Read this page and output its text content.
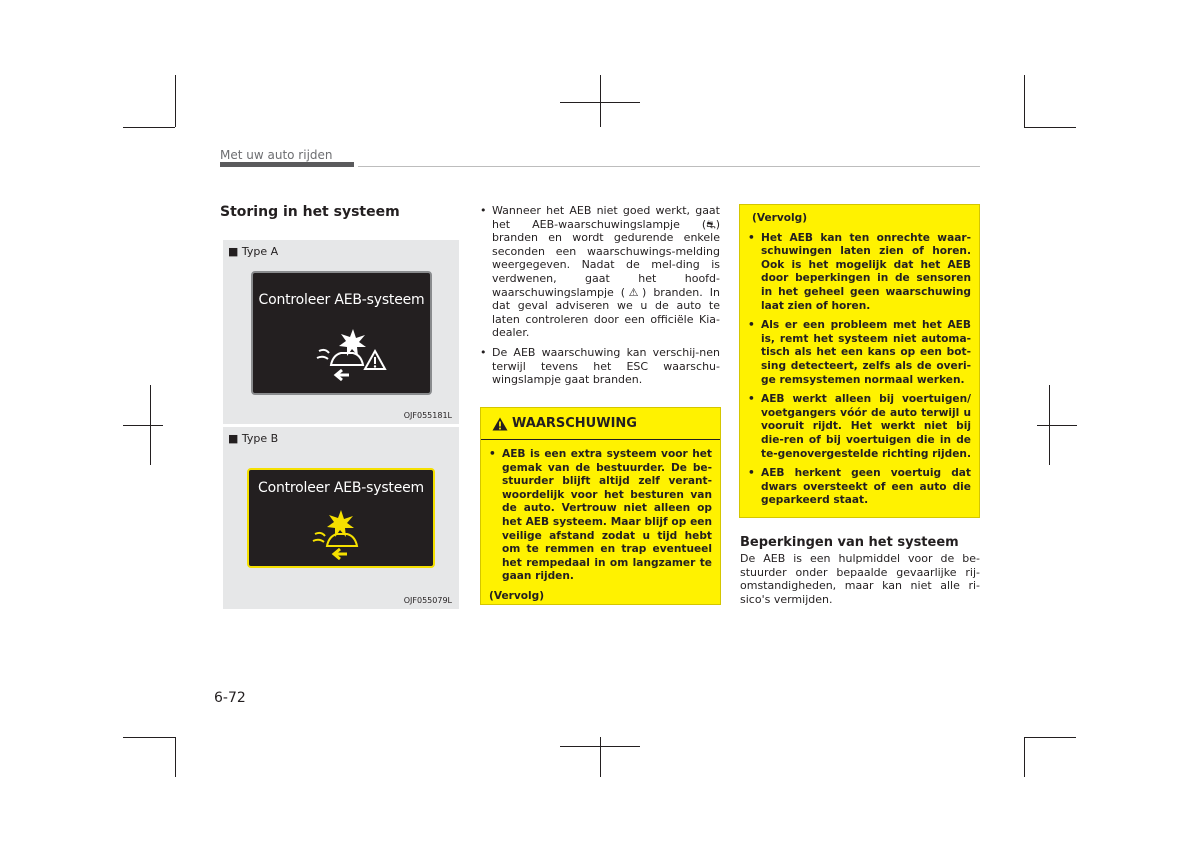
Met uw auto rijden
Storing in het systeem
■ Type A
Controleer AEB-systeem
OJF055181L
■ Type B
Controleer AEB-systeem
OJF055079L
• Wanneer het AEB niet goed werkt, gaat het AEB-waarschuwingslampje (⛐) branden en wordt gedurende enkele seconden een waarschuwings-melding weergegeven. Nadat de mel-ding is verdwenen, gaat het hoofd-waarschuwingslampje (⚠) branden. In dat geval adviseren we u de auto te laten controleren door een officiële Kia-dealer.
• De AEB waarschuwing kan verschij-nen terwijl tevens het ESC waarschu-wingslampje gaat branden.
WAARSCHUWING
• AEB is een extra systeem voor het gemak van de bestuurder. De be-stuurder blijft altijd zelf verant-woordelijk voor het besturen van de auto. Vertrouw niet alleen op het AEB systeem. Maar blijf op een veilige afstand zodat u tijd hebt om te remmen en trap eventueel het rempedaal in om langzamer te gaan rijden.
(Vervolg)
(Vervolg)
• Het AEB kan ten onrechte waar-schuwingen laten zien of horen. Ook is het mogelijk dat het AEB door beperkingen in de sensoren in het geheel geen waarschuwing laat zien of horen.
• Als er een probleem met het AEB is, remt het systeem niet automa-tisch als het een kans op een bot-sing detecteert, zelfs als de overi-ge remsystemen normaal werken.
• AEB werkt alleen bij voertuigen/ voetgangers vóór de auto terwijl u vooruit rijdt. Het werkt niet bij die-ren of bij voertuigen die in de te-genovergestelde richting rijden.
• AEB herkent geen voertuig dat dwars oversteekt of een auto die geparkeerd staat.
Beperkingen van het systeem
De AEB is een hulpmiddel voor de be-stuurder onder bepaalde gevaarlijke rij-omstandigheden, maar kan niet alle ri-sico's vermijden.
6-72
